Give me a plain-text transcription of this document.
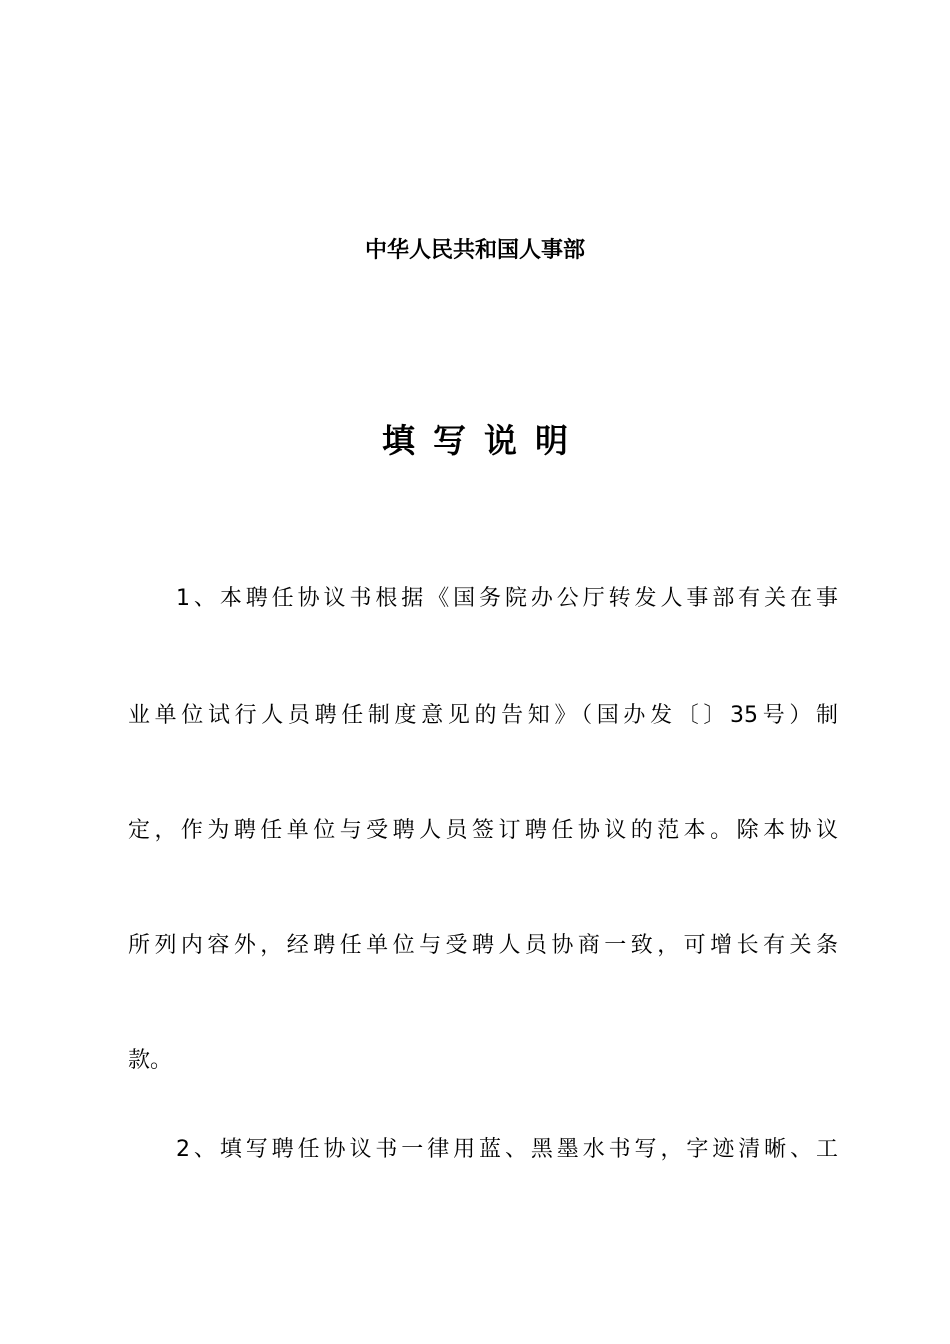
中华人民共和国人事部
填写说明
1、本聘任协议书根据《国务院办公厅转发人事部有关在事
业单位试行人员聘任制度意见的告知》（国办发〔〕35号）制
定，作为聘任单位与受聘人员签订聘任协议的范本。除本协议
所列内容外，经聘任单位与受聘人员协商一致，可增长有关条
款。
2、填写聘任协议书一律用蓝、黑墨水书写，字迹清晰、工
